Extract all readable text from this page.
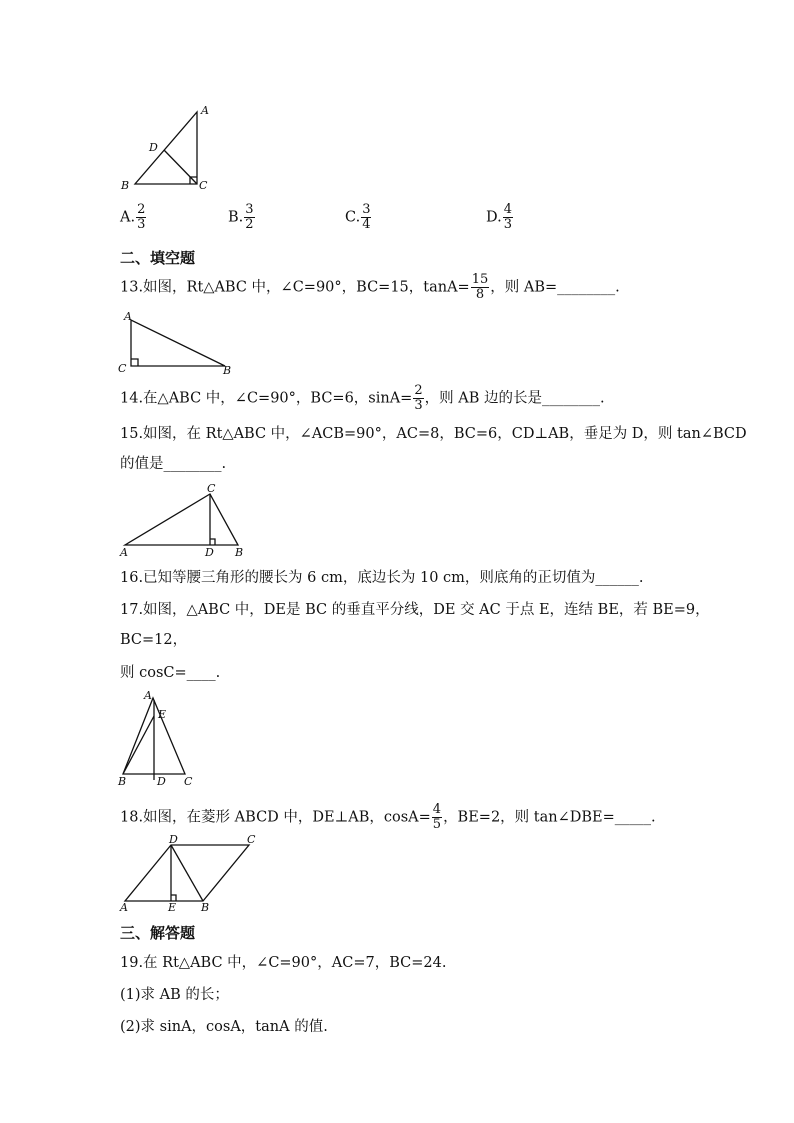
A
B	C
D
A. $\frac{2}{3}$	B. $\frac{3}{2}$	C. $\frac{3}{4}$	D. $\frac{4}{3}$
二、填空题
13.如图，Rt△ABC 中，∠C=90°，BC=15，$\tan A= \frac{15}{8}$ ，则 AB=________.
A
C	B
14.在△ABC 中，∠C=90°，BC=6，$\sin A= \frac{2}{3}$ ，则 AB 边的长是________.
15.如图，在 Rt△ABC 中，∠ACB=90°，AC=8，BC=6，CD⊥AB，垂足为 D，则 tan∠BCD
的值是________.
C
A	D B
16.已知等腰三角形的腰长为 6 cm，底边长为 10 cm，则底角的正切值为______.
17.如图，△ABC 中，DE是 BC 的垂直平分线，DE 交 AC 于点 E，连结 BE，若 BE=9，
BC=12，
则 cosC=____.
A
E
B	D C
18.如图，在菱形 ABCD 中，DE⊥AB，$\cos A= \frac{4}{5}$ ，BE=2，则 tan∠DBE=_____.
D	C
A	E B
三、解答题
19.在 Rt△ABC 中，∠C=90°，AC=7，BC=24.
(1)求 AB 的长；
(2)求 sinA，cosA，tanA 的值.
